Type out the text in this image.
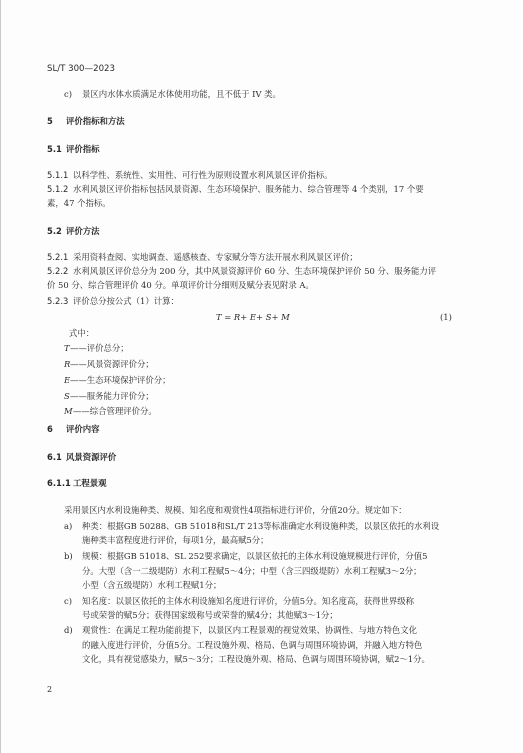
SL/T 300—2023
c) 景区内水体水质满足水体使用功能，且不低于 IV 类。
5 评价指标和方法
5.1 评价指标
5.1.1 以科学性、系统性、实用性、可行性为原则设置水利风景区评价指标。
5.1.2 水利风景区评价指标包括风景资源、生态环境保护、服务能力、综合管理等 4 个类别，17 个要
素，47 个指标。
5.2 评价方法
5.2.1 采用资料查阅、实地调查、遥感核查、专家赋分等方法开展水利风景区评价；
5.2.2 水利风景区评价总分为 200 分，其中风景资源评价 60 分、生态环境保护评价 50 分、服务能力评
价 50 分、综合管理评价 40 分。单项评价计分细则及赋分表见附录 A。
5.2.3 评价总分按公式（1）计算：
T = R+ E+ S+ M	(1)
式中：
T ——评价总分；
R ——风景资源评价分；
E ——生态环境保护评价分；
S ——服务能力评价分；
M ——综合管理评价分。
6 评价内容
6.1 风景资源评价
6.1.1 工程景观
采用景区内水利设施种类、规模、知名度和观赏性4项指标进行评价，分值20分。规定如下：
a) 种类：根据GB 50288、GB 51018和SL/T 213等标准确定水利设施种类，以景区依托的水利设
施种类丰富程度进行评价，每项1分，最高赋5分；
b) 规模：根据GB 51018、SL 252要求确定，以景区依托的主体水利设施规模进行评价，分值5
分。大型（含一二级堤防）水利工程赋5～4分；中型（含三四级堤防）水利工程赋3～2分；
小型（含五级堤防）水利工程赋1分；
c) 知名度：以景区依托的主体水利设施知名度进行评价，分值5分。知名度高，获得世界级称
号或荣誉的赋5分；获得国家级称号或荣誉的赋4分；其他赋3～1分；
d) 观赏性：在满足工程功能前提下，以景区内工程景观的视觉效果、协调性、与地方特色文化
的融入度进行评价，分值5分。工程设施外观、格局、色调与周围环境协调，并融入地方特色
文化，具有视觉感染力，赋5～3分；工程设施外观、格局、色调与周围环境协调，赋2～1分。
2
